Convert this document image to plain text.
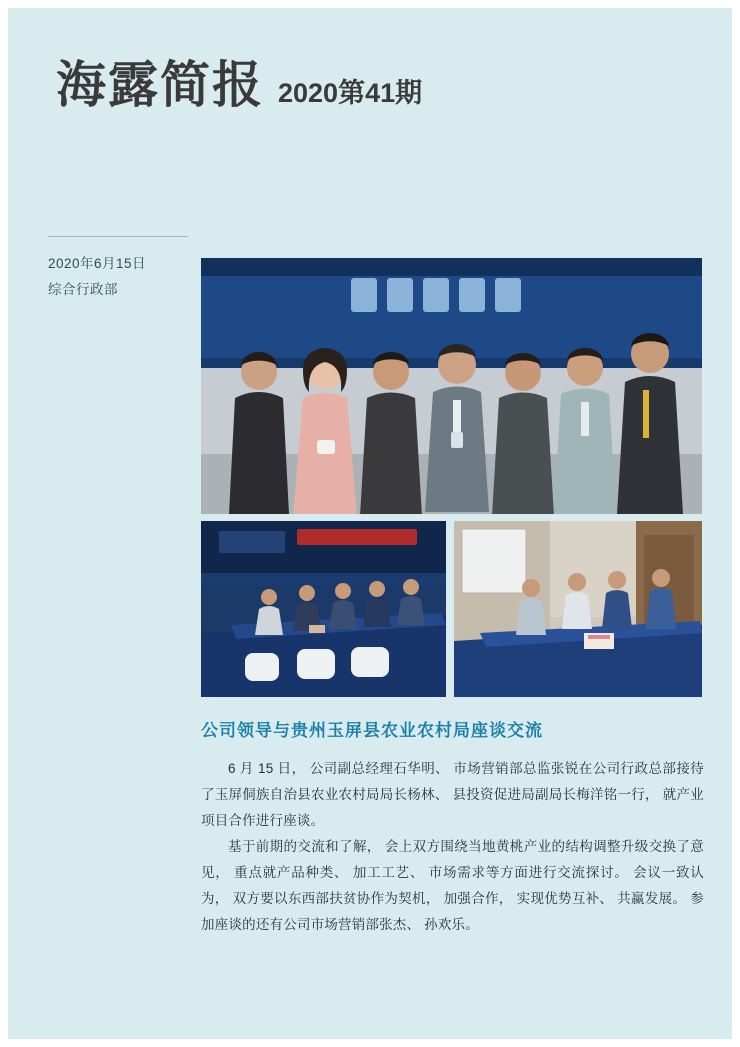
海露简报 2020第41期
2020年6月15日
综合行政部
公司领导与贵州玉屏县农业农村局座谈交流

6 月 15 日， 公司副总经理石华明、 市场营销部总监张锐在公司行政总部接待了玉屏侗族自治县农业农村局局长杨林、 县投资促进局副局长梅洋铭一行， 就产业项目合作进行座谈。

基于前期的交流和了解， 会上双方围绕当地黄桃产业的结构调整升级交换了意见， 重点就产品种类、 加工工艺、 市场需求等方面进行交流探讨。 会议一致认为， 双方要以东西部扶贫协作为契机， 加强合作， 实现优势互补、 共赢发展。 参加座谈的还有公司市场营销部张杰、 孙欢乐。
